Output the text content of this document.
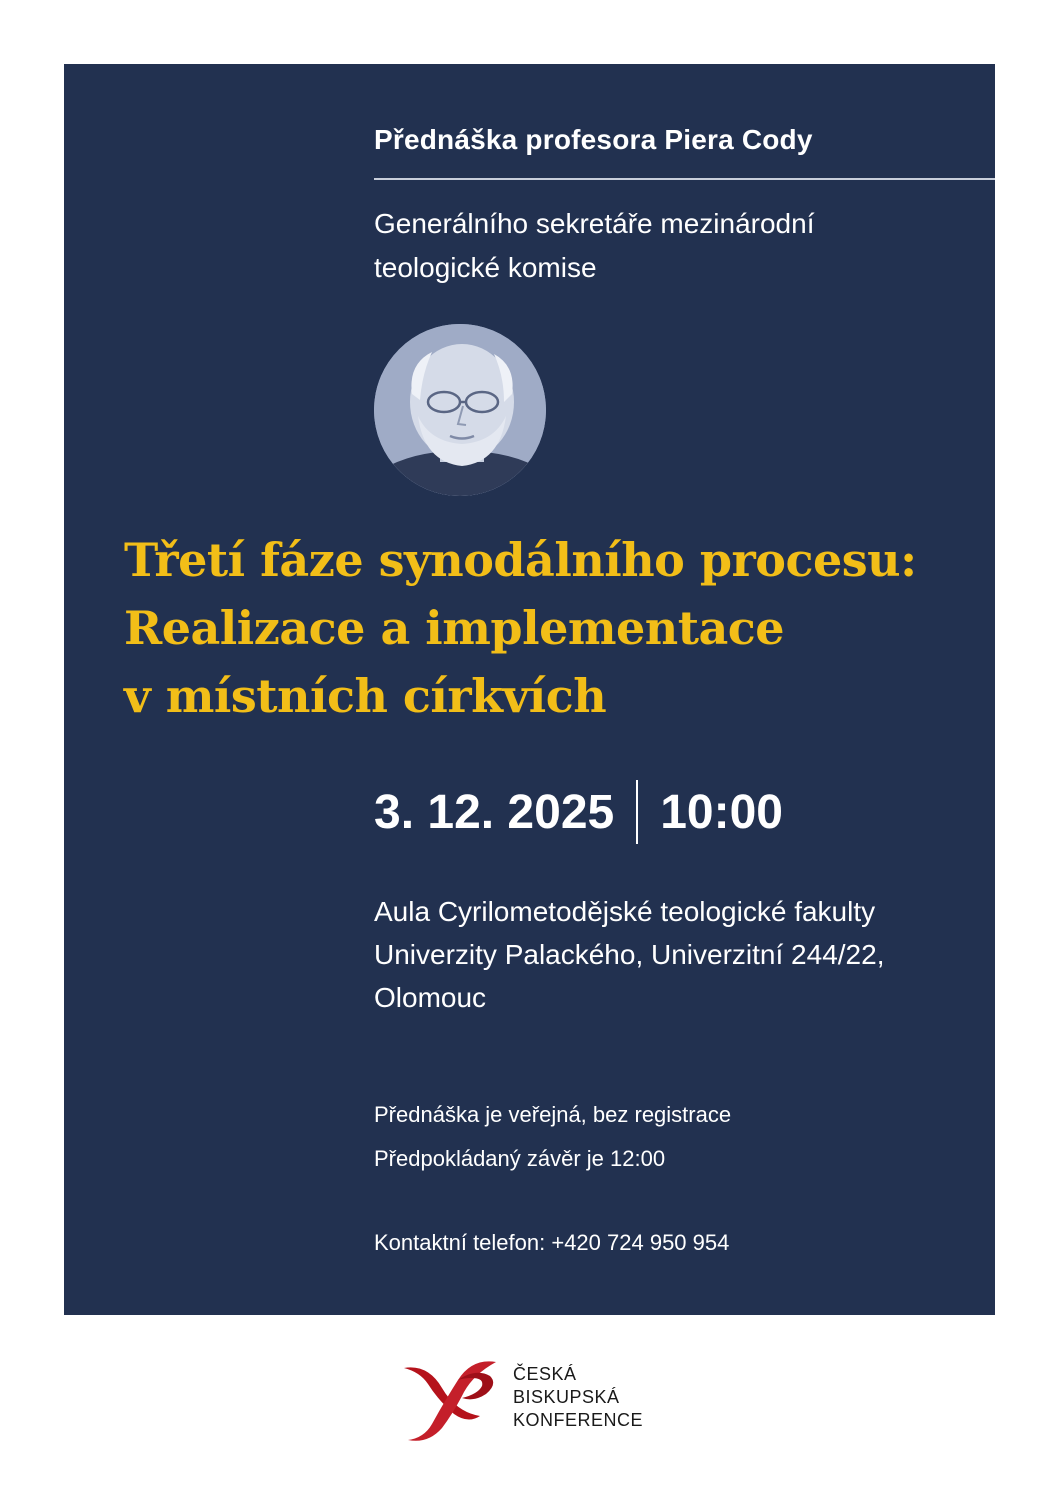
Přednáška profesora Piera Cody
Generálního sekretáře mezinárodní
teologické komise
Třetí fáze synodálního procesu:
Realizace a implementace
v místních církvích
3. 12. 2025 10:00
Aula Cyrilometodějské teologické fakulty
Univerzity Palackého, Univerzitní 244/22,
Olomouc
Přednáška je veřejná, bez registrace
Předpokládaný závěr je 12:00
Kontaktní telefon: +420 724 950 954
ČESKÁ
BISKUPSKÁ
KONFERENCE
